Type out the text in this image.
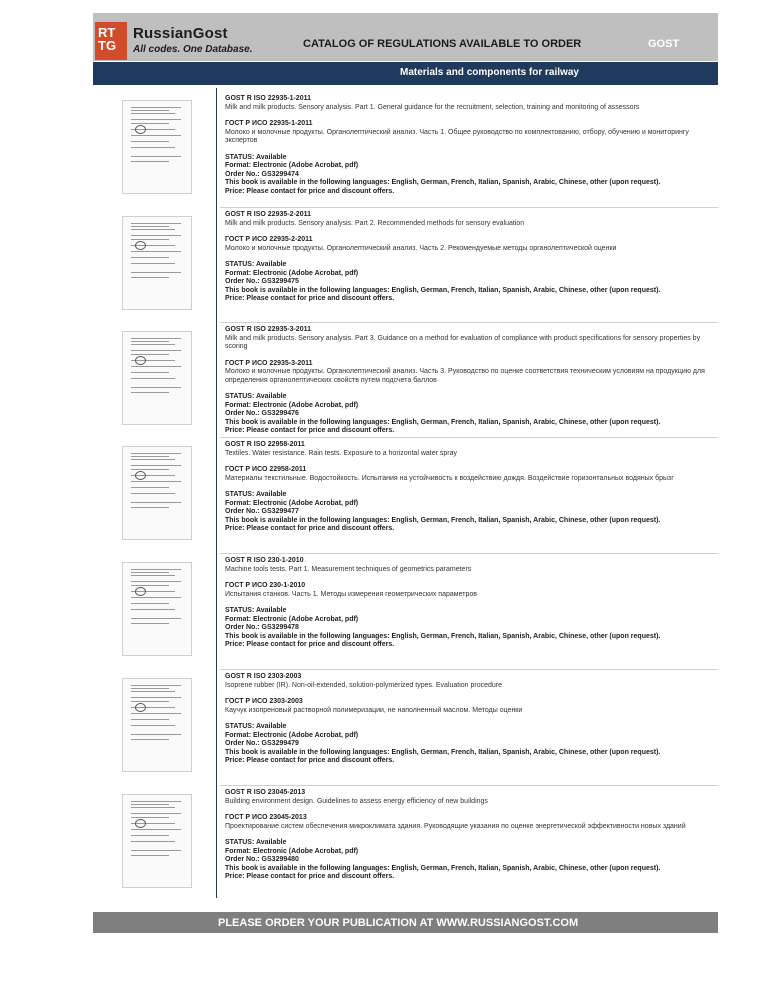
RT TG
RussianGost
All codes. One Database.	CATALOG OF REGULATIONS AVAILABLE TO ORDER	GOST
Materials and components for railway
GOST R ISO 22935-1-2011
Milk and milk products. Sensory analysis. Part 1. General guidance for the recruitment, selection, training and monitoring of assessors
ГОСТ Р ИСО 22935-1-2011
Молоко и молочные продукты. Органолептический анализ. Часть 1. Общее руководство по комплектованию, отбору, обучению и мониторингу экспертов
STATUS: Available
Format: Electronic (Adobe Acrobat, pdf)
Order No.: GS3299474
This book is available in the following languages: English, German, French, Italian, Spanish, Arabic, Chinese, other (upon request).
Price: Please contact for price and discount offers.
GOST R ISO 22935-2-2011
Milk and milk products. Sensory analysis. Part 2. Recommended methods for sensory evaluation
ГОСТ Р ИСО 22935-2-2011
Молоко и молочные продукты. Органолептический анализ. Часть 2. Рекомендуемые методы органолептической оценки
STATUS: Available
Format: Electronic (Adobe Acrobat, pdf)
Order No.: GS3299475
This book is available in the following languages: English, German, French, Italian, Spanish, Arabic, Chinese, other (upon request).
Price: Please contact for price and discount offers.
GOST R ISO 22935-3-2011
Milk and milk products. Sensory analysis. Part 3. Guidance on a method for evaluation of compliance with product specifications for sensory properties by scoring
ГОСТ Р ИСО 22935-3-2011
Молоко и молочные продукты. Органолептический анализ. Часть 3. Руководство по оценке соответствия техническим условиям на продукцию для определения органолептических свойств путем подсчета баллов
STATUS: Available
Format: Electronic (Adobe Acrobat, pdf)
Order No.: GS3299476
This book is available in the following languages: English, German, French, Italian, Spanish, Arabic, Chinese, other (upon request).
Price: Please contact for price and discount offers.
GOST R ISO 22958-2011
Textiles. Water resistance. Rain tests. Exposure to a horizontal water spray
ГОСТ Р ИСО 22958-2011
Материалы текстильные. Водостойкость. Испытания на устойчивость к воздействию дождя. Воздействие горизонтальных водяных брызг
STATUS: Available
Format: Electronic (Adobe Acrobat, pdf)
Order No.: GS3299477
This book is available in the following languages: English, German, French, Italian, Spanish, Arabic, Chinese, other (upon request).
Price: Please contact for price and discount offers.
GOST R ISO 230-1-2010
Machine tools tests. Part 1. Measurement techniques of geometrics parameters
ГОСТ Р ИСО 230-1-2010
Испытания станков. Часть 1. Методы измерения геометрических параметров
STATUS: Available
Format: Electronic (Adobe Acrobat, pdf)
Order No.: GS3299478
This book is available in the following languages: English, German, French, Italian, Spanish, Arabic, Chinese, other (upon request).
Price: Please contact for price and discount offers.
GOST R ISO 2303-2003
Isoprene rubber (IR). Non-oil-extended, solution-polymerized types. Evaluation procedure
ГОСТ Р ИСО 2303-2003
Каучук изопреновый растворной полимеризации, не наполненный маслом. Методы оценки
STATUS: Available
Format: Electronic (Adobe Acrobat, pdf)
Order No.: GS3299479
This book is available in the following languages: English, German, French, Italian, Spanish, Arabic, Chinese, other (upon request).
Price: Please contact for price and discount offers.
GOST R ISO 23045-2013
Building environment design. Guidelines to assess energy efficiency of new buildings
ГОСТ Р ИСО 23045-2013
Проектирование систем обеспечения микроклимата здания. Руководящие указания по оценке энергетической эффективности новых зданий
STATUS: Available
Format: Electronic (Adobe Acrobat, pdf)
Order No.: GS3299480
This book is available in the following languages: English, German, French, Italian, Spanish, Arabic, Chinese, other (upon request).
Price: Please contact for price and discount offers.
PLEASE ORDER YOUR PUBLICATION AT WWW.RUSSIANGOST.COM
